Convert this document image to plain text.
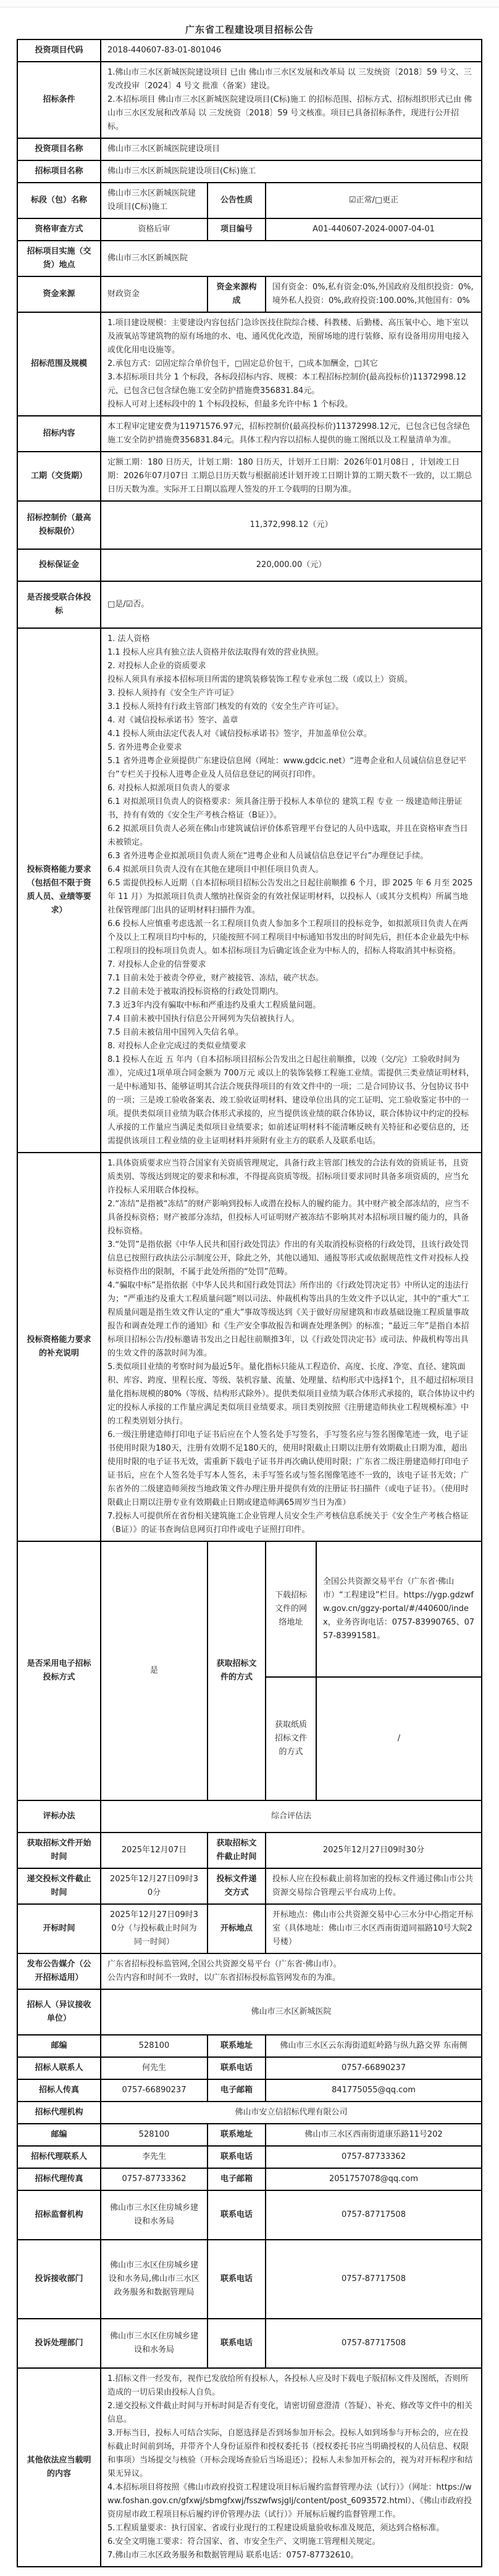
广东省工程建设项目招标公告
投资项目代码	2018-440607-83-01-801046			
招标条件	1.佛山市三水区新城医院建设项目 已由 佛山市三水区发展和改革局 以 三发统资〔2018〕59 号文、三发改投审〔2024〕4 号文 批准（备案）建设。

2.本招标项目 佛山市三水区新城医院建设项目(C标)施工 的招标范围、招标方式、招标组织形式已由 佛山市三水区发展和改革局 以 三发统资〔2018〕59 号文核准。项目已具备招标条件，现进行公开招标。			

投资项目名称	佛山市三水区新城医院建设项目			
招标项目名称	佛山市三水区新城医院建设项目(C标)施工			
标段（包）名称	佛山市三水区新城医院建设项目(C标)施工	公告性质	☑正常/□更正	
资格审查方式	资格后审	项目编号	A01-440607-2024-0007-04-01	
招标项目实施（交货）地点	佛山市三水区新城医院			
资金来源	财政资金	资金来源构成	国有资金：0%,私有资金:0%,外国政府及组织投资：0%,境外私人投资：0%,政府投资:100.00%,其他国有：0%	
招标范围及规模	1.项目建设规模：主要建设内容包括门急诊医技住院综合楼、科教楼、后勤楼、高压氧中心、地下室以及液氧站等建筑物的原有场地的水、电、通风优化改造，预留场地的进行装修、原有设备用房用电接入或优化用电设施等。

2.承包方式：☑固定综合单价包干，□固定总价包干，□成本加酬金，□其它

3.本招标项目共分 1 个标段，各标段招标内容、规模：本工程招标控制价(最高投标价)11372998.12元，已包含已包含绿色施工安全防护措施费356831.84元。

投标人可对上述标段中的 1 个标段投标，但最多允许中标 1 个标段。			

招标内容	本工程审定建安费为11971576.97元，招标控制价(最高投标价)11372998.12元，已包含已包含绿色施工安全防护措施费356831.84元。具体工程内容以招标人提供的施工图纸以及工程量清单为准。			
工期（交货期）	定额工期：180 日历天，计划工期：180 日历天，计划开工日期：2026年01月08日 ，计划竣工日期：2026年07月07日 工期总日历天数与根据前述计划开竣工日期计算的工期天数不一致的，以工期总日历天数为准。实际开工日期以监理人签发的开工令载明的日期为准。			
招标控制价（最高投标限价）	11,372,998.12（元）			
投标保证金	220,000.00（元）			
是否接受联合体投标	□是/☑否。			
投标资格能力要求（包括但不限于资质人员、业绩等要求）	

1. 法人资格

1.1 投标人应具有独立法人资格并依法取得有效的营业执照。

2. 对投标人企业的资质要求

投标人须具有承接本招标项目所需的建筑装修装饰工程专业承包二级（或以上）资质。

3. 投标人须持有《安全生产许可证》

3.1 投标人须持有行政主管部门核发的有效的《安全生产许可证》。

4. 对《诚信投标承诺书》签字、盖章

4.1 投标人须由法定代表人对《诚信投标承诺书》签字，并加盖单位公章。

5. 省外进粤企业要求

5.1 省外进粤企业须提供广东建设信息网（网址：www.gdcic.net）“进粤企业和人员诚信信息登记平台”专栏关于投标人进粤企业及人员信息登记的网页打印件。

6. 对投标人拟派项目负责人的要求

6.1 对拟派项目负责人的资格要求：须具备注册于投标人本单位的 建筑工程 专业 一 级建造师注册证书，持有有效的《安全生产考核合格证（B证）》。

6.2 拟派项目负责人必须在佛山市建筑诚信评价体系管理平台登记的人员中选取，并且在资格审查当日未被锁定。

6.3 省外进粤企业拟派项目负责人须在“进粤企业和人员诚信信息登记平台”办理登记手续。

6.4 拟派项目负责人没有在其他在建项目中担任项目负责人。

6.5 需提供投标人近期（自本招标项目招标公告发出之日起往前顺推 6 个月，即 2025 年 6 月至 2025 年 11 月）为拟派项目负责人缴纳社保资金的有效社保证明材料，以投标人（或其分支机构）所属当地社保管理部门出具的证明材料扫描件为准。

6.6 投标人应慎重考虑选派一名工程项目负责人参加多个工程项目的投标竞争，如拟派项目负责人在两个及以上工程项目均中标的，只能按照不同工程项目中标通知书发出的时间先后，担任本企业最先中标工程项目的投标项目负责人。如本招标项目为后确定该企业为中标人的，招标人将取消其中标资格。

7. 对投标人企业的信誉要求

7.1 目前未处于被责令停业，财产被接管、冻结，破产状态。

7.2 目前未处于被取消投标资格的行政处罚期内。

7.3 近3年内没有骗取中标和严重违约及重大工程质量问题。

7.4 目前未被中国执行信息公开网列为失信被执行人。

7.5 目前未被信用中国列入失信名单。

8. 对投标人企业完成过的类似业绩要求

8.1 投标人在近 五 年内（自本招标项目招标公告发出之日起往前顺推，以竣（交/完）工验收时间为准），完成过1项单项合同金额为 700万元 或以上的装饰装修工程施工业绩。需提供三类业绩证明材料，一是中标通知书、能够证明其合法合规获得项目的有效文件中的一项；二是合同协议书、分包协议书中的一项；三是竣工验收备案表、竣工验收证明材料、建设单位出具的完工证明、完工验收鉴定书中的一项。提供类似项目业绩为联合体形式承接的，应当提供该业绩的联合体协议，联合体协议中约定的投标人承接的工作量应当满足类似项目业绩要求；如前述证明材料不能清晰反映有关特征和必要信息的，还需提供该项目工程业绩的业主证明材料并须附有业主方的联系人及联系电话。

投标资格能力要求的补充说明	

1.具体资质要求应当符合国家有关资质管理规定，具备行政主管部门核发的合法有效的资质证书，且资质类别、等级达到规定的要求和标准，不得提高资质等级。招标项目要求同时具备多项资质的，应当允许投标人采用联合体投标。

2.“冻结”是指被“冻结”的财产影响到投标人或潜在投标人的履约能力。其中财产被全部冻结的，应当不具备投标资格；财产被部分冻结，但投标人可证明财产被冻结不影响其对本招标项目履约能力的，具备投标资格。

3.“处罚”是指依据《中华人民共和国行政处罚法》作出的有关取消投标资格的行政处罚，且该行政处罚信息已按照行政执法公示制度公开，除此之外，其他以通知、通报等形式或依据规范性文件对投标人投标资格作出的限制，不属于此处所指的“处罚”范畴。

4.“骗取中标”是指依据《中华人民共和国行政处罚法》所作出的《行政处罚决定书》中所认定的违法行为；“严重违约及重大工程质量问题”则以司法、仲裁机构等出具的生效文件予以认定，其中的“重大”工程质量问题是指生效文件认定的“重大”事故等级达到《关于做好房屋建筑和市政基础设施工程质量事故报告和调查处理工作的通知》和《生产安全事故报告和调查处理条例》的标准；“最近三年”是指自本招标项目招标公告/投标邀请书发出之日起往前顺推3年，以《行政处罚决定书》或司法、仲裁机构等出具的生效文件的落款时间为准。

5.类似项目业绩的考察时间为最近5年。量化指标只能从工程造价、高度、长度、净宽、直径、建筑面积、库容、跨度、里程长度、等级、装机容量、流量、处理量、结构形式中选择1个，且不超过招标项目量化指标规模的80%（等级、结构形式除外）。提供类似项目业绩为联合体形式承接的，联合体协议中约定的投标人承接的工作量应满足类似项目业绩要求。项目类别按照《注册建造师执业工程规模标准》中的工程类别划分执行。

6.一级注册建造师打印电子证书后应在个人签名处手写签名，手写签名应与签名图像笔迹一致，电子证书使用时限为180天，注册有效期不足180天的，使用时限截止日期以注册有效期截止日期为准，超出使用时限的电子证书无效，需重新下载电子证书并再次确认使用时限；广东省二级注册建造师打印电子证书后，应在个人签名处手写本人签名，未手写签名或与签名图像笔迹不一致的，该电子证书无效；广东省外的二级建造师须按当地政策文件办理注册并提供有效的注册证书扫描件（或电子证书）。（使用时限截止日期以注册专业有效期截止日期或建造师满65周岁当日为准）

7.投标人可提供所在省份相关建筑施工企业管理人员安全生产考核信息系统关于《安全生产考核合格证（B证）》的证书查询信息网页打印件或电子证照打印件。

是否采用电子招标投标方式	是	获取招标文件的方式	下载招标文件的网络地址	全国公共资源交易平台（广东省·佛山市）“工程建设”栏目。https://ygp.gdzwfw.gov.cn/ggzy-portal/#/440600/index，业务咨询电话：0757-83990765、0757-83991581。
			获取纸质招标文件的方式	/
评标办法	综合评估法			
获取招标文件开始时间	2025年12月07日	获取招标文件截止时间	2025年12月27日09时30分	
递交投标文件截止时间	2025年12月27日09时30分	投标文件递交方式	投标人应在投标截止前将加密的投标文件通过佛山市公共资源交易综合管理云平台成功上传。	
开标时间	2025年12月27日09时30分（与投标截止时间为同一时间）	开标地点	开标地点：佛山市公共资源交易中心三水分中心指定开标室（具体地址：佛山市三水区西南街道同福路10号大院2号楼）	
发布公告媒介（公开招标适用）	广东省招标投标监管网,全国公共资源交易平台（广东省·佛山市）。

公告内容和时间不一致时，以广东省招标投标监管网发布的为准。			

招标人（异议接收单位）	佛山市三水区新城医院			
邮编	528100	联系地址	佛山市三水区云东海街道虹岭路与纵九路交界 东南侧	
招标人联系人	何先生	联系电话	0757-66890237	
招标人传真	0757-66890237	电子邮箱	841775055@qq.com	
招标代理机构	佛山市安立信招标代理有限公司			
邮编	528100	联系地址	佛山市三水区西南街道康乐路11号202	
招标代理联系人	李先生	联系电话	0757-87733362	
招标代理传真	0757-87733362	电子邮箱	2051757078@qq.com	
招标监督机构	佛山市三水区住房城乡建设和水务局	联系电话	0757-87717508	
投诉接收部门	佛山市三水区住房城乡建设和水务局,佛山市三水区政务服务和数据管理局	联系电话	0757-87717508	
投诉处理部门	佛山市三水区住房城乡建设和水务局	联系电话	0757-87717508	
其他依法应当载明的内容	

1.招标文件一经发布，视作已发放给所有投标人，各投标人应及时下载电子版招标文件及图纸，否则所造成的一切后果由投标人自负。

2.递交投标文件截止时间与开标时间是否有变化，请密切留意澄清（答疑）、补充、修改等文件中的相关信息。

3.开标当日，投标人可结合实际，自愿选择是否到场参加开标会。投标人如到场参与开标会的，应在投标截止时间前到场，并带齐个人身份证原件和授权委托书（授权委托书应当明确授权的人员信息、权限和事项）当场提交与核验（开标会现场查验后当场退还）；投标人未参加开标会的，视为对开标程序和结果无异议。

4.本招标项目将按照《佛山市政府投资工程建设项目标后履约监督管理办法（试行）》（网址：https://www.foshan.gov.cn/gfxwj/sbmgfxwj/fsszwfwsjglj/content/post_6093572.html）、《佛山市政府投资房屋市政工程项目标后履约评价管理办法（试行）》开展标后履约监督管理工作。

5.工程质量要求：执行国家、省或行业现行的工程建设质量验收标准及规范，须达到合格标准。

6.安全文明施工要求：符合国家、省、市安全生产、文明施工管理相关规定。

7.佛山市三水区政务服务和数据管理局 联系电话：0757-87732610。
